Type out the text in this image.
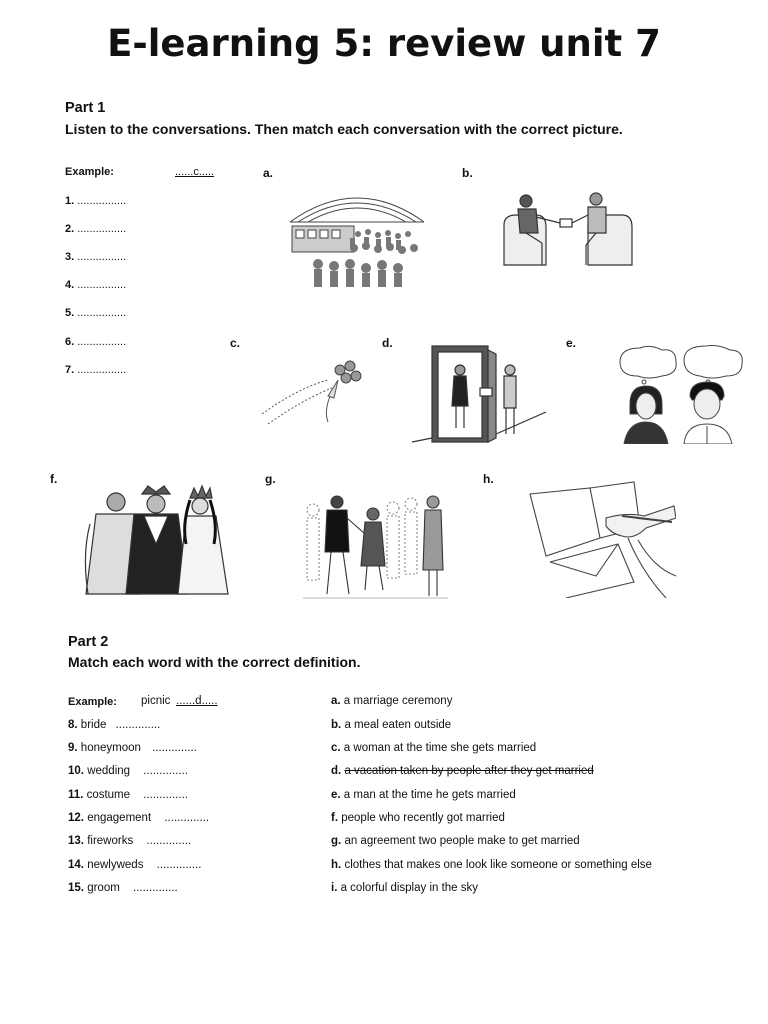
E-learning 5: review unit 7
Part 1
Listen to the conversations. Then match each conversation with the correct picture.
Example:	......c.....
1. ................
2. ................
3. ................
4. ................
5. ................
6. ................
7. ................
a.	b.
c.	d.	e.
f.	g.	h.
Part 2
Match each word with the correct definition.
Example: picnic ......d.....
8. bride ..............
9. honeymoon ..............
10. wedding ..............
11. costume ..............
12. engagement ..............
13. fireworks ..............
14. newlyweds ..............
15. groom ..............
a. a marriage ceremony
b. a meal eaten outside
c. a woman at the time she gets married
d. a vacation taken by people after they get married
e. a man at the time he gets married
f. people who recently got married
g. an agreement two people make to get married
h. clothes that makes one look like someone or something else
i. a colorful display in the sky
